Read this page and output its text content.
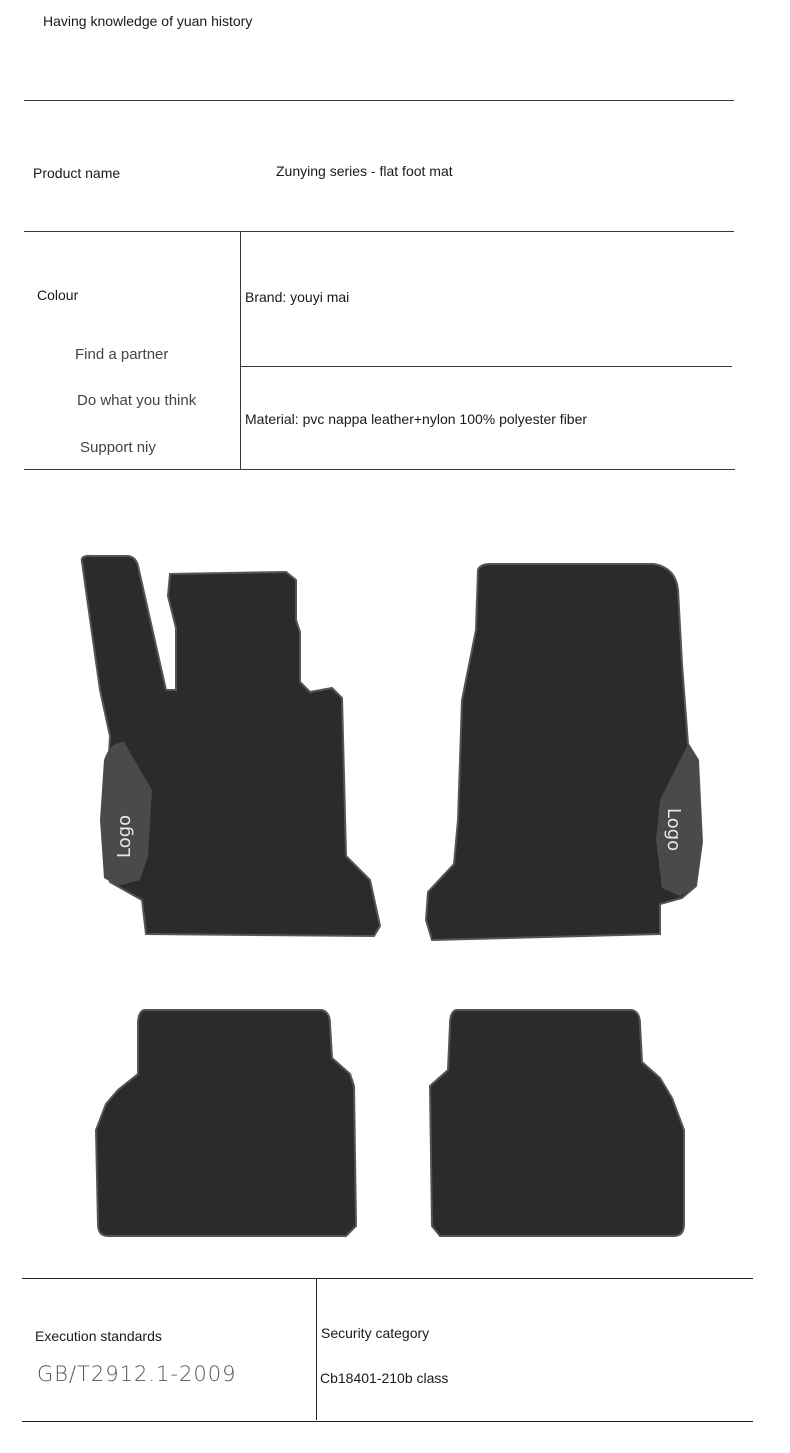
Having knowledge of yuan history
Product name	Zunying series - flat foot mat
Colour
Find a partner
Do what you think
Support niy
Brand: youyi mai
Material: pvc nappa leather+nylon 100% polyester fiber
Logo	Logo
Execution standards
GB/T2912.1-2009
Security category
Cb18401-210b class
